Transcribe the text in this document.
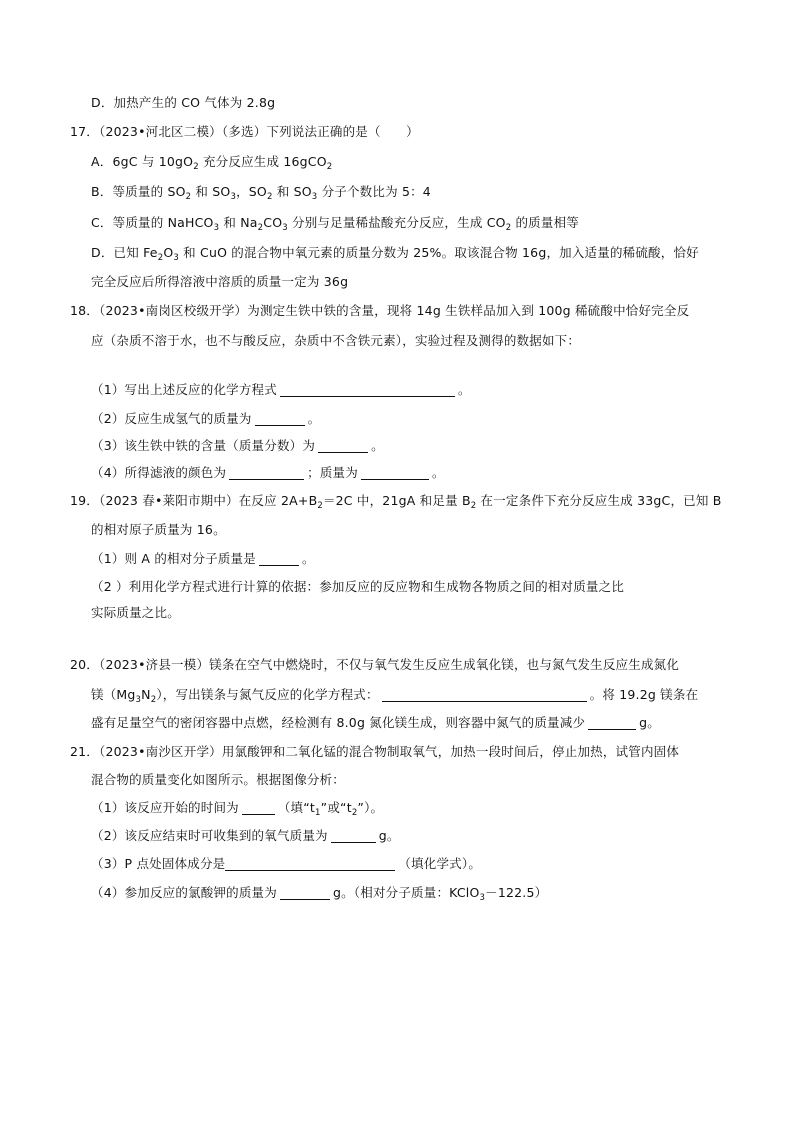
D．加热产生的 CO 气体为 2.8g
17．（2023•河北区二模）（多选）下列说法正确的是（　　）
A．6gC 与 $10gO_2$ 充分反应生成 16gCO$_2$
B．等质量的 $SO_2$ 和 $SO_3$，$SO_2$ 和 $SO_3$ 分子个数比为 5：4
C．等质量的 NaHCO$_3$ 和 $Na_2CO_3$ 分别与足量稀盐酸充分反应，生成 $CO_2$ 的质量相等
D．已知 $Fe_2O_3$ 和 CuO 的混合物中氧元素的质量分数为 25%。取该混合物 16g，加入适量的稀硫酸，恰好
完全反应后所得溶液中溶质的质量一定为 36g
18．（2023•南岗区校级开学）为测定生铁中铁的含量，现将 14g 生铁样品加入到 100g 稀硫酸中恰好完全反
应（杂质不溶于水，也不与酸反应，杂质中不含铁元素），实验过程及测得的数据如下：
（1）写出上述反应的化学方程式	。
（2）反应生成氢气的质量为	。
（3）该生铁中铁的含量（质量分数）为	。
（4）所得滤液的颜色为	；质量为	。
19．（2023 春•莱阳市期中）在反应 $2A+B_2=2C$ 中，21gA 和足量 $B_2$ 在一定条件下充分反应生成 33gC，已知 B
的相对原子质量为 16。
（1）则 A 的相对分子质量是	。
（2 ）利用化学方程式进行计算的依据：参加反应的反应物和生成物各物质之间的相对质量之比
实际质量之比。
20．（2023•济县一模）镁条在空气中燃烧时，不仅与氧气发生反应生成氧化镁，也与氮气发生反应生成氮化
镁$(Mg_3N_2)$，写出镁条与氮气反应的化学方程式：	。将 19.2g 镁条在
盛有足量空气的密闭容器中点燃，经检测有 8.0g 氮化镁生成，则容器中氮气的质量减少	g。
21．（2023•南沙区开学）用氯酸钾和二氧化锰的混合物制取氧气，加热一段时间后，停止加热，试管内固体
混合物的质量变化如图所示。根据图像分析：
（1）该反应开始的时间为	（填“$t_1$”或“$t_2$”）。
（2）该反应结束时可收集到的氧气质量为	g。
（3）P 点处固体成分是	（填化学式）。
（4）参加反应的氯酸钾的质量为	g。（相对分子质量：KClO$_3$－122.5）
